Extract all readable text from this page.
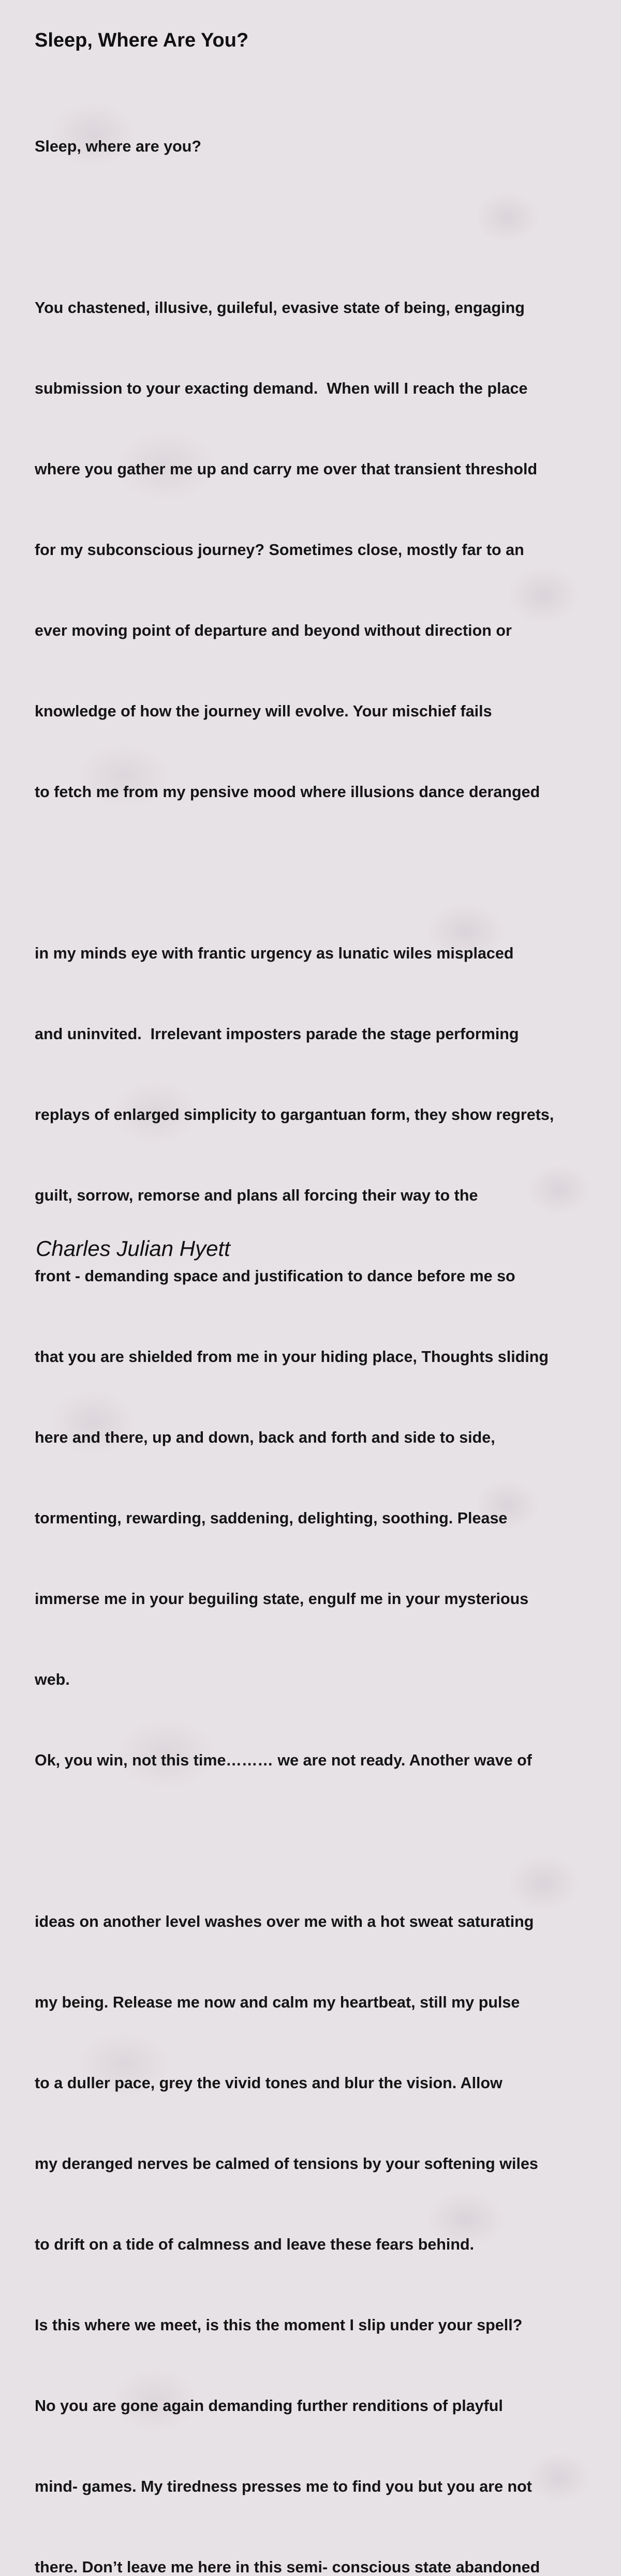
Sleep, Where Are You?

Sleep, where are you?

You chastened, illusive, guileful, evasive state of being, engaging

submission to your exacting demand.  When will I reach the place

where you gather me up and carry me over that transient threshold

for my subconscious journey? Sometimes close, mostly far to an

ever moving point of departure and beyond without direction or

knowledge of how the journey will evolve. Your mischief fails

to fetch me from my pensive mood where illusions dance deranged

in my minds eye with frantic urgency as lunatic wiles misplaced

and uninvited.  Irrelevant imposters parade the stage performing

replays of enlarged simplicity to gargantuan form, they show regrets,

guilt, sorrow, remorse and plans all forcing their way to the

front - demanding space and justification to dance before me so

that you are shielded from me in your hiding place, Thoughts sliding

here and there, up and down, back and forth and side to side,

tormenting, rewarding, saddening, delighting, soothing. Please

immerse me in your beguiling state, engulf me in your mysterious

web.

Ok, you win, not this time……… we are not ready. Another wave of

ideas on another level washes over me with a hot sweat saturating

my being. Release me now and calm my heartbeat, still my pulse

to a duller pace, grey the vivid tones and blur the vision. Allow

my deranged nerves be calmed of tensions by your softening wiles

to drift on a tide of calmness and leave these fears behind.

Is this where we meet, is this the moment I slip under your spell?

No you are gone again demanding further renditions of playful

mind- games. My tiredness presses me to find you but you are not

there. Don’t leave me here in this semi- conscious state abandoned

Charles Julian Hyett
